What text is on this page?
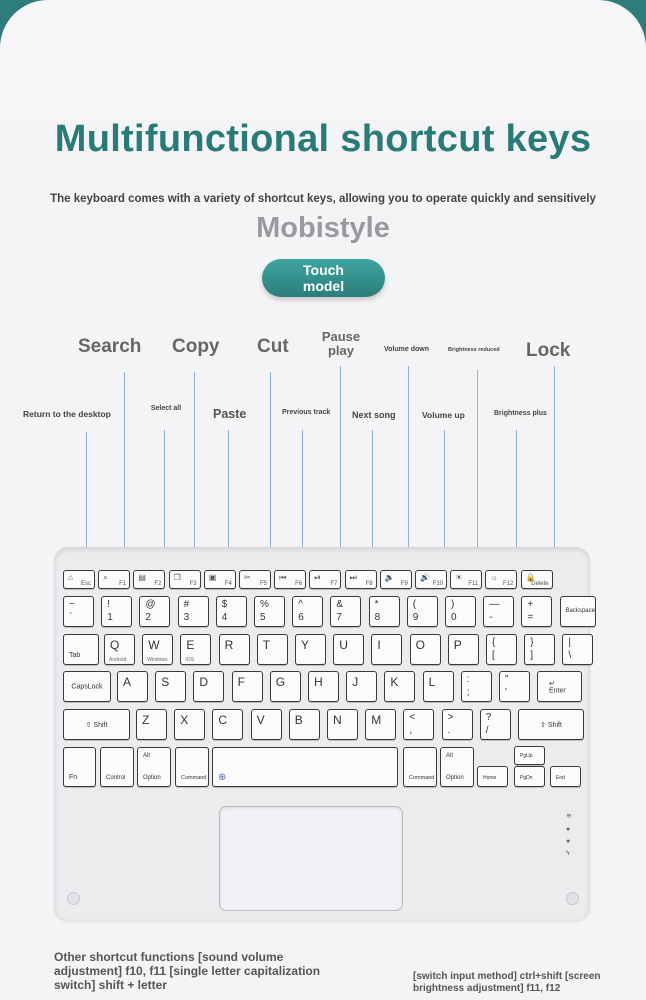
Multifunctional shortcut keys
The keyboard comes with a variety of shortcut keys, allowing you to operate quickly and sensitively
Mobistyle
Touch model
Search Copy Cut	Pause play	Volume down	Brightness reduced Lock
Return to the desktop
Select all	Paste	Previous track Next song	Volume up	Brightness plus
⌂
Esc
⌕
F1
▤
F2
❐
F3
▣
F4
✂
F5
⏮
F6
⏯
F7
⏭
F8
🔉
F9
🔊
F10
☀
F11
☼
F12
🔒
Delete
~
`
!
1
@
2
#
3
$
4
%
5
^
6
&
7
*
8
(
9
)
0
—
-
+
=
Backspace
Tab
Q
Android
W
Windows
E
IOS
R T	Y	U I	O P	{
[
}
]
|
\
CapsLock A	S	D F	G H J	K	L	:
;
"
'
↵ Enter
⇧ Shift	Z	X	C V	B	N M	<
,
>
.
?
/	⇧ Shift
Fn	Control	Option
Alt
Command ⊕	Command Option
Alt
Home
PgUp
PgDn	End
≋
●
●
ϟ
Other shortcut functions [sound volume adjustment] f10, f11 [single letter capitalization switch] shift + letter
[switch input method] ctrl+shift [screen brightness adjustment] f11, f12
